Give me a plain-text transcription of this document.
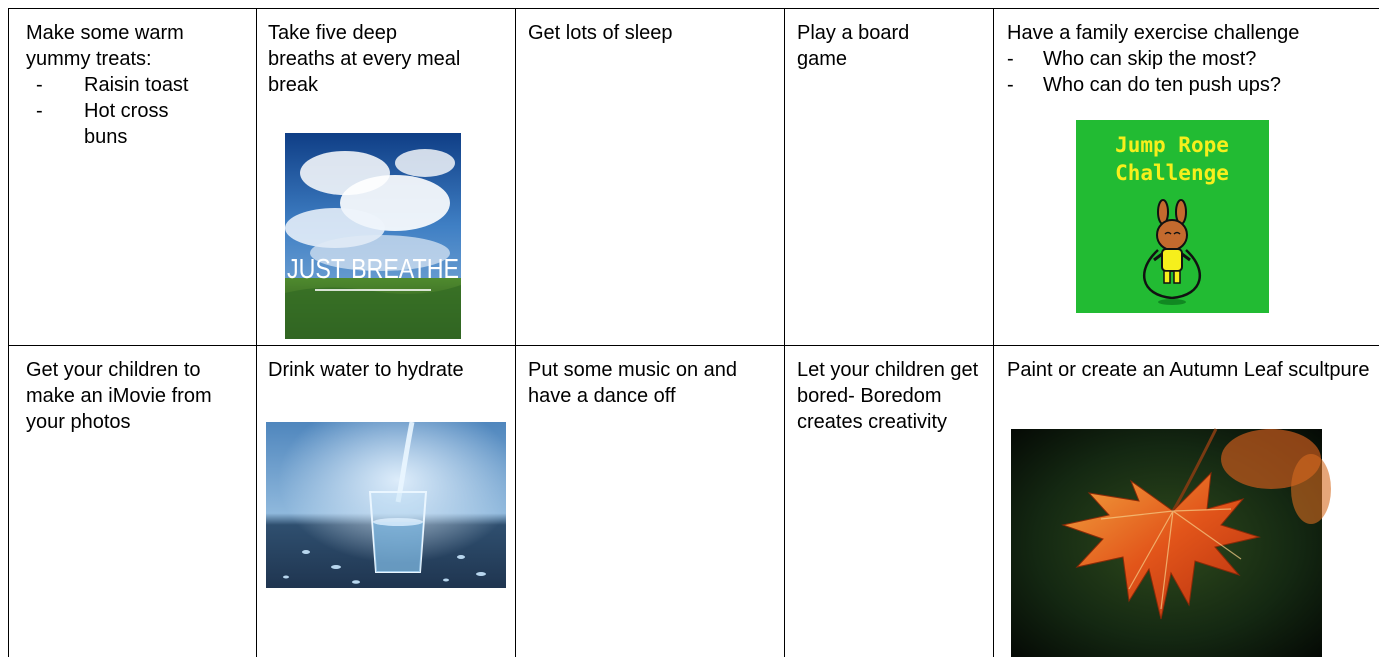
Make some warm yummy treats:
- Raisin toast
- Hot cross buns
Take five deep breaths at every meal break
JUST BREATHE
Get lots of sleep	Play a board game
Have a family exercise challenge
- Who can skip the most?
- Who can do ten push ups?
Jump Rope
Challenge
Get your children to make an iMovie from your photos
Drink water to hydrate	Put some music on and have a dance off
Let your children get bored- Boredom creates creativity
Paint or create an Autumn Leaf scultpure
